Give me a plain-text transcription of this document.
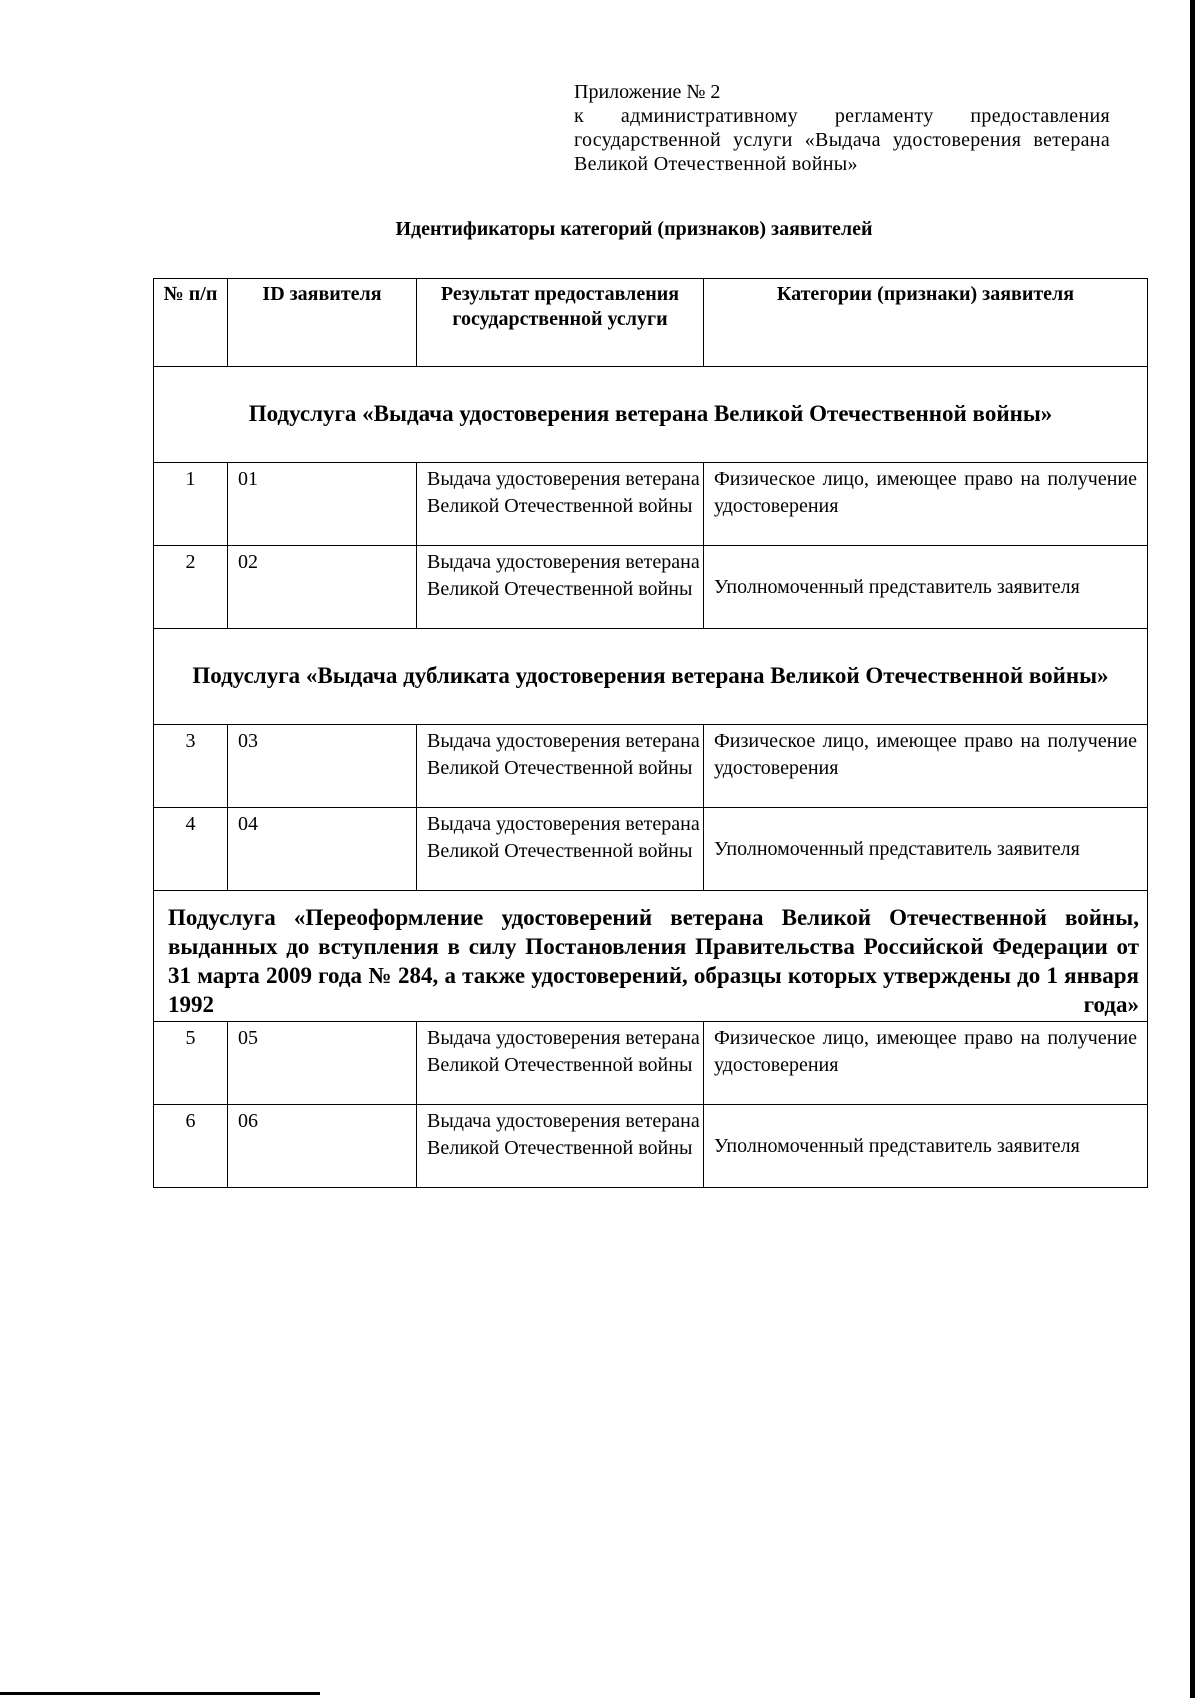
Приложение № 2
к административному регламенту предоставления государственной услуги «Выдача удостоверения ветерана Великой Отечественной войны»
Идентификаторы категорий (признаков) заявителей
№ п/п	ID заявителя	Результат предоставления государственной услуги	Категории (признаки) заявителя
Подуслуга «Выдача удостоверения ветерана Великой Отечественной войны»			
1	01	Выдача удостоверения ветерана Великой Отечественной войны	Физическое лицо, имеющее право на получение удостоверения
2	02	Выдача удостоверения ветерана Великой Отечественной войны	Уполномоченный представитель заявителя
Подуслуга «Выдача дубликата удостоверения ветерана Великой Отечественной войны»			
3	03	Выдача удостоверения ветерана Великой Отечественной войны	Физическое лицо, имеющее право на получение удостоверения
4	04	Выдача удостоверения ветерана Великой Отечественной войны	Уполномоченный представитель заявителя
Подуслуга «Переоформление удостоверений ветерана Великой Отечественной войны, выданных до вступления в силу Постановления Правительства Российской Федерации от 31 марта 2009 года № 284, а также удостоверений, образцы которых утверждены до 1 января 1992 года»			
5	05	Выдача удостоверения ветерана Великой Отечественной войны	Физическое лицо, имеющее право на получение удостоверения
6	06	Выдача удостоверения ветерана Великой Отечественной войны	Уполномоченный представитель заявителя
